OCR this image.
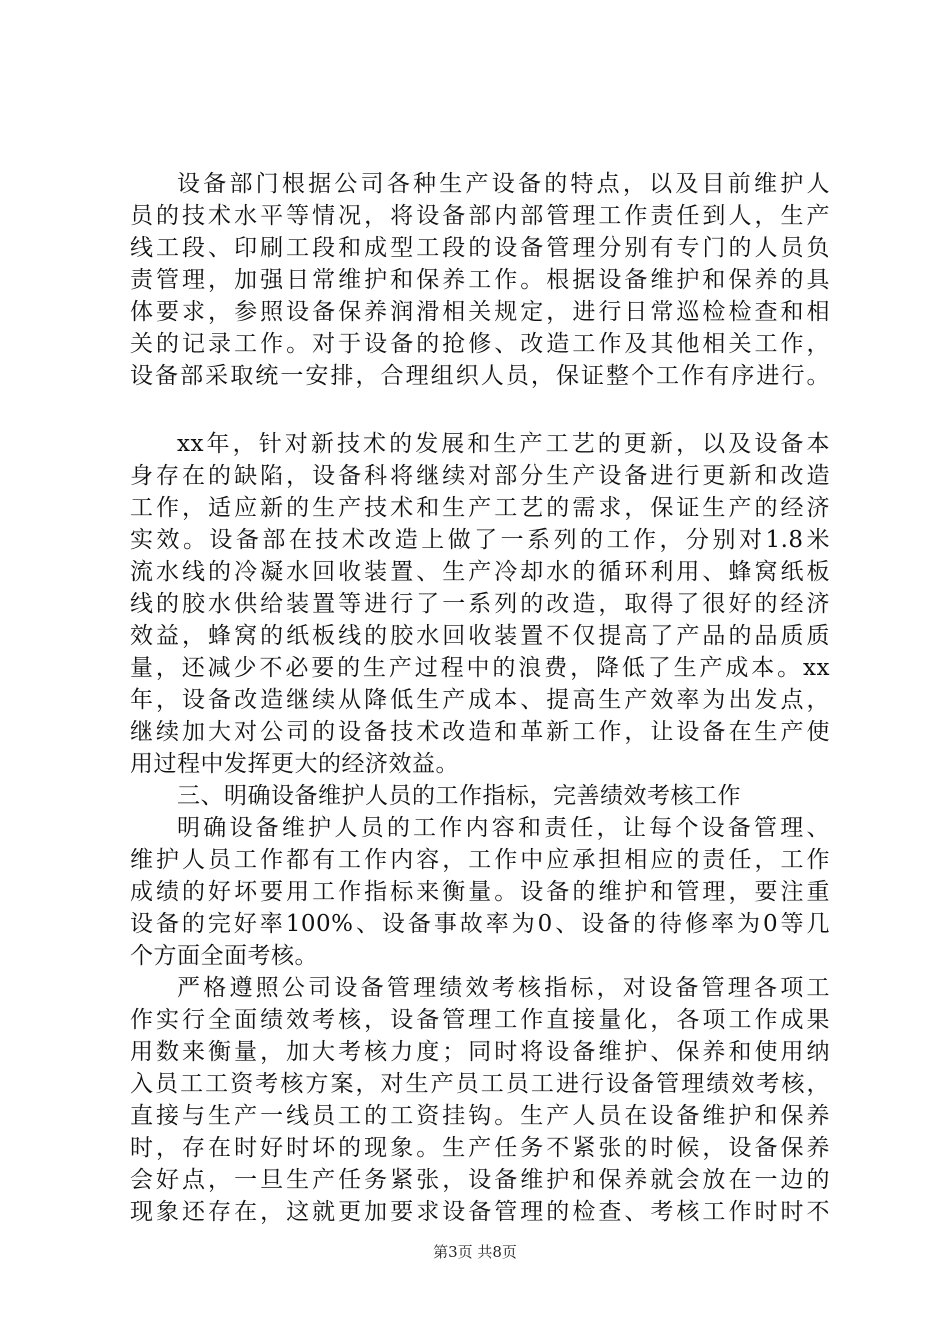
设备部门根据公司各种生产设备的特点，以及目前维护人
员的技术水平等情况，将设备部内部管理工作责任到人，生产
线工段、印刷工段和成型工段的设备管理分别有专门的人员负
责管理，加强日常维护和保养工作。根据设备维护和保养的具
体要求，参照设备保养润滑相关规定，进行日常巡检检查和相
关的记录工作。对于设备的抢修、改造工作及其他相关工作，
设备部采取统一安排，合理组织人员，保证整个工作有序进行。
xx年，针对新技术的发展和生产工艺的更新，以及设备本
身存在的缺陷，设备科将继续对部分生产设备进行更新和改造
工作，适应新的生产技术和生产工艺的需求，保证生产的经济
实效。设备部在技术改造上做了一系列的工作，分别对1.8米
流水线的冷凝水回收装置、生产冷却水的循环利用、蜂窝纸板
线的胶水供给装置等进行了一系列的改造，取得了很好的经济
效益，蜂窝的纸板线的胶水回收装置不仅提高了产品的品质质
量，还减少不必要的生产过程中的浪费，降低了生产成本。xx
年，设备改造继续从降低生产成本、提高生产效率为出发点，
继续加大对公司的设备技术改造和革新工作，让设备在生产使
用过程中发挥更大的经济效益。
三、明确设备维护人员的工作指标，完善绩效考核工作
明确设备维护人员的工作内容和责任，让每个设备管理、
维护人员工作都有工作内容，工作中应承担相应的责任，工作
成绩的好坏要用工作指标来衡量。设备的维护和管理，要注重
设备的完好率100%、设备事故率为0、设备的待修率为0等几
个方面全面考核。
严格遵照公司设备管理绩效考核指标，对设备管理各项工
作实行全面绩效考核，设备管理工作直接量化，各项工作成果
用数来衡量，加大考核力度；同时将设备维护、保养和使用纳
入员工工资考核方案，对生产员工员工进行设备管理绩效考核，
直接与生产一线员工的工资挂钩。生产人员在设备维护和保养
时，存在时好时坏的现象。生产任务不紧张的时候，设备保养
会好点，一旦生产任务紧张，设备维护和保养就会放在一边的
现象还存在，这就更加要求设备管理的检查、考核工作时时不
第3页 共8页
